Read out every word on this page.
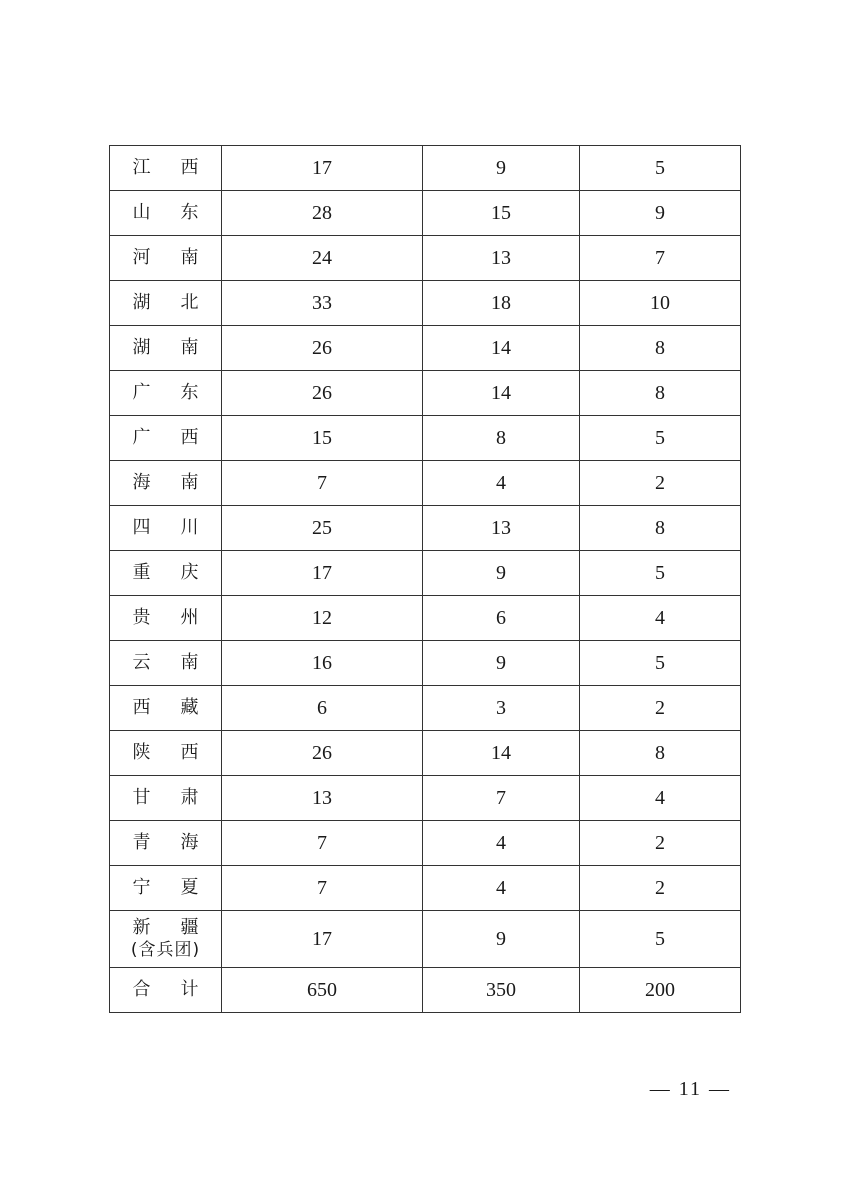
江　西	17	9	5
山　东	28	15	9
河　南	24	13	7
湖　北	33	18	10
湖　南	26	14	8
广　东	26	14	8
广　西	15	8	5
海　南	7	4	2
四　川	25	13	8
重　庆	17	9	5
贵　州	12	6	4
云　南	16	9	5
西　藏	6	3	2
陕　西	26	14	8
甘　肃	13	7	4
青　海	7	4	2
宁　夏	7	4	2
新　疆
(含兵团)	17	9	5
合　计	650	350	200
— 11 —
